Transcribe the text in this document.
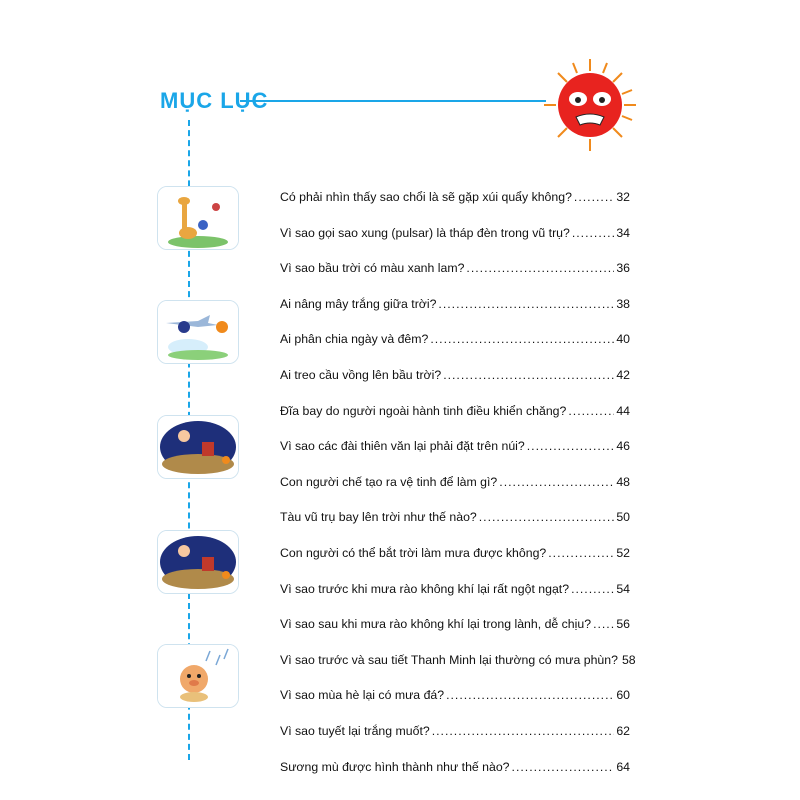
MỤC LỤC
Có phải nhìn thấy sao chổi là sẽ gặp xúi quẩy không? .....	32
Vì sao gọi sao xung (pulsar) là tháp đèn trong vũ trụ? .....	34
Vì sao bầu trời có màu xanh lam? .....	36
Ai nâng mây trắng giữa trời? .....	38
Ai phân chia ngày và đêm? .....	40
Ai treo cầu vồng lên bầu trời? .....	42
Đĩa bay do người ngoài hành tinh điều khiển chăng? .....	44
Vì sao các đài thiên văn lại phải đặt trên núi? .....	46
Con người chế tạo ra vệ tinh để làm gì? .....	48
Tàu vũ trụ bay lên trời như thế nào? .....	50
Con người có thể bắt trời làm mưa được không? .....	52
Vì sao trước khi mưa rào không khí lại rất ngột ngạt? .....	54
Vì sao sau khi mưa rào không khí lại trong lành, dễ chịu? ..... 56
Vì sao trước và sau tiết Thanh Minh lại thường có mưa phùn? 58
Vì sao mùa hè lại có mưa đá? .....	60
Vì sao tuyết lại trắng muốt? .....	62
Sương mù được hình thành như thế nào? .....	64
